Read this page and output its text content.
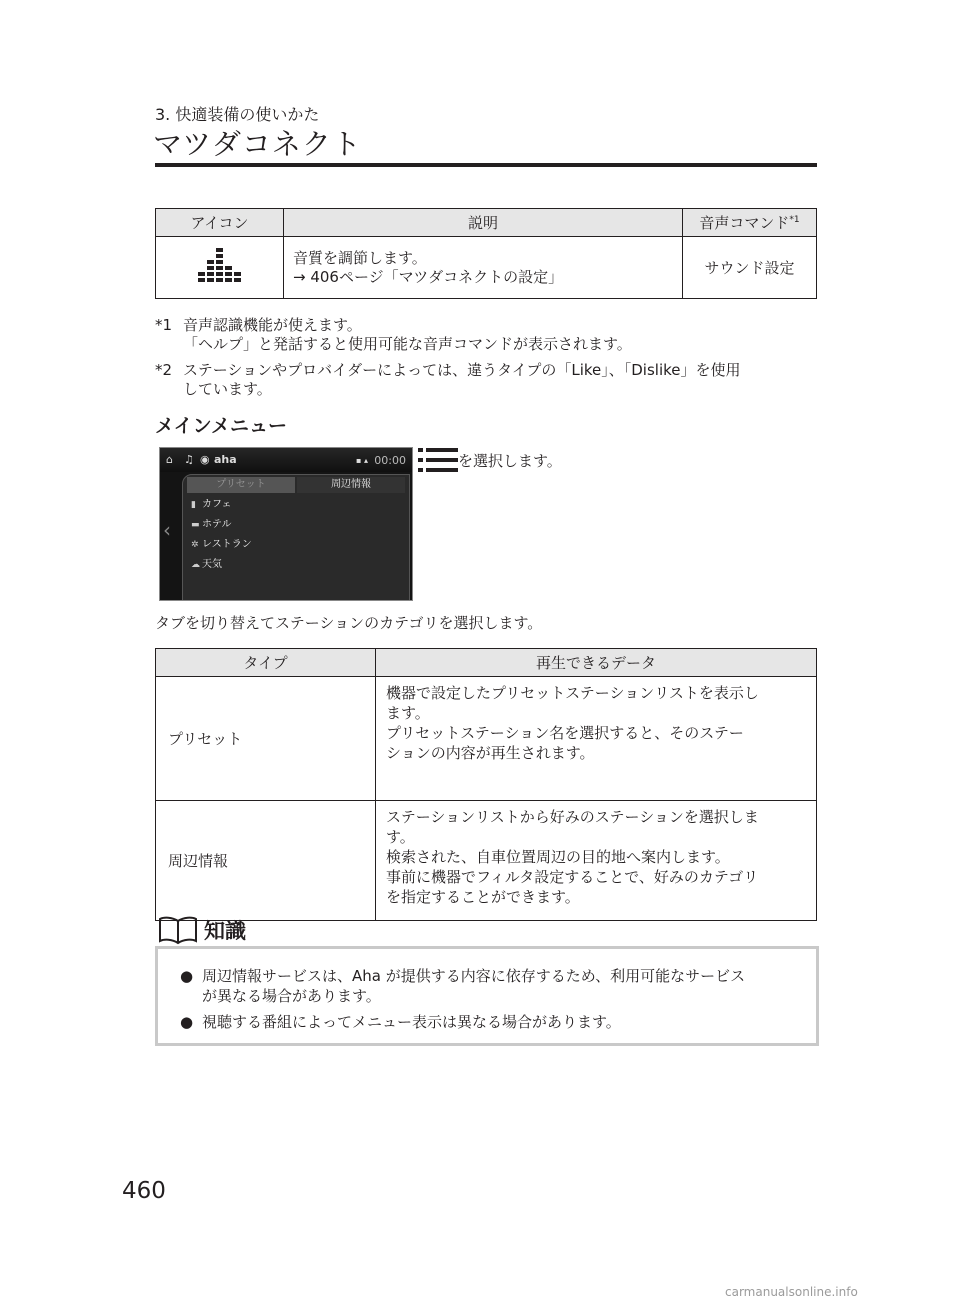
3. 快適装備の使いかた
マツダコネクト
アイコン	説明	音声コマンド$^{*1}$

音質を調節します。
→ 406ページ「マツダコネクトの設定」	サウンド設定
*1 音声認識機能が使えます。
「ヘルプ」と発話すると使用可能な音声コマンドが表示されます。
*2 ステーションやプロバイダーによっては、違うタイプの「Like」、「Dislike」を使用
しています。
メインメニュー
⌂ ♫ ◉ aha	▪ ▴ 00:00
‹
プリセット	周辺情報
▮ カフェ
▬ ホテル
✲ レストラン
☁ 天気
を選択します。
タブを切り替えてステーションのカテゴリを選択します。
タイプ	再生できるデータ
プリセット	機器で設定したプリセットステーションリストを表示し
ます。
プリセットステーション名を選択すると、そのステー
ションの内容が再生されます。

周辺情報	ステーションリストから好みのステーションを選択しま
す。
検索された、自車位置周辺の目的地へ案内します。
事前に機器でフィルタ設定することで、好みのカテゴリ
を指定することができます。
知識
● 周辺情報サービスは、Aha が提供する内容に依存するため、利用可能なサービス
が異なる場合があります。
● 視聴する番組によってメニュー表示は異なる場合があります。
460
carmanualsonline.info
